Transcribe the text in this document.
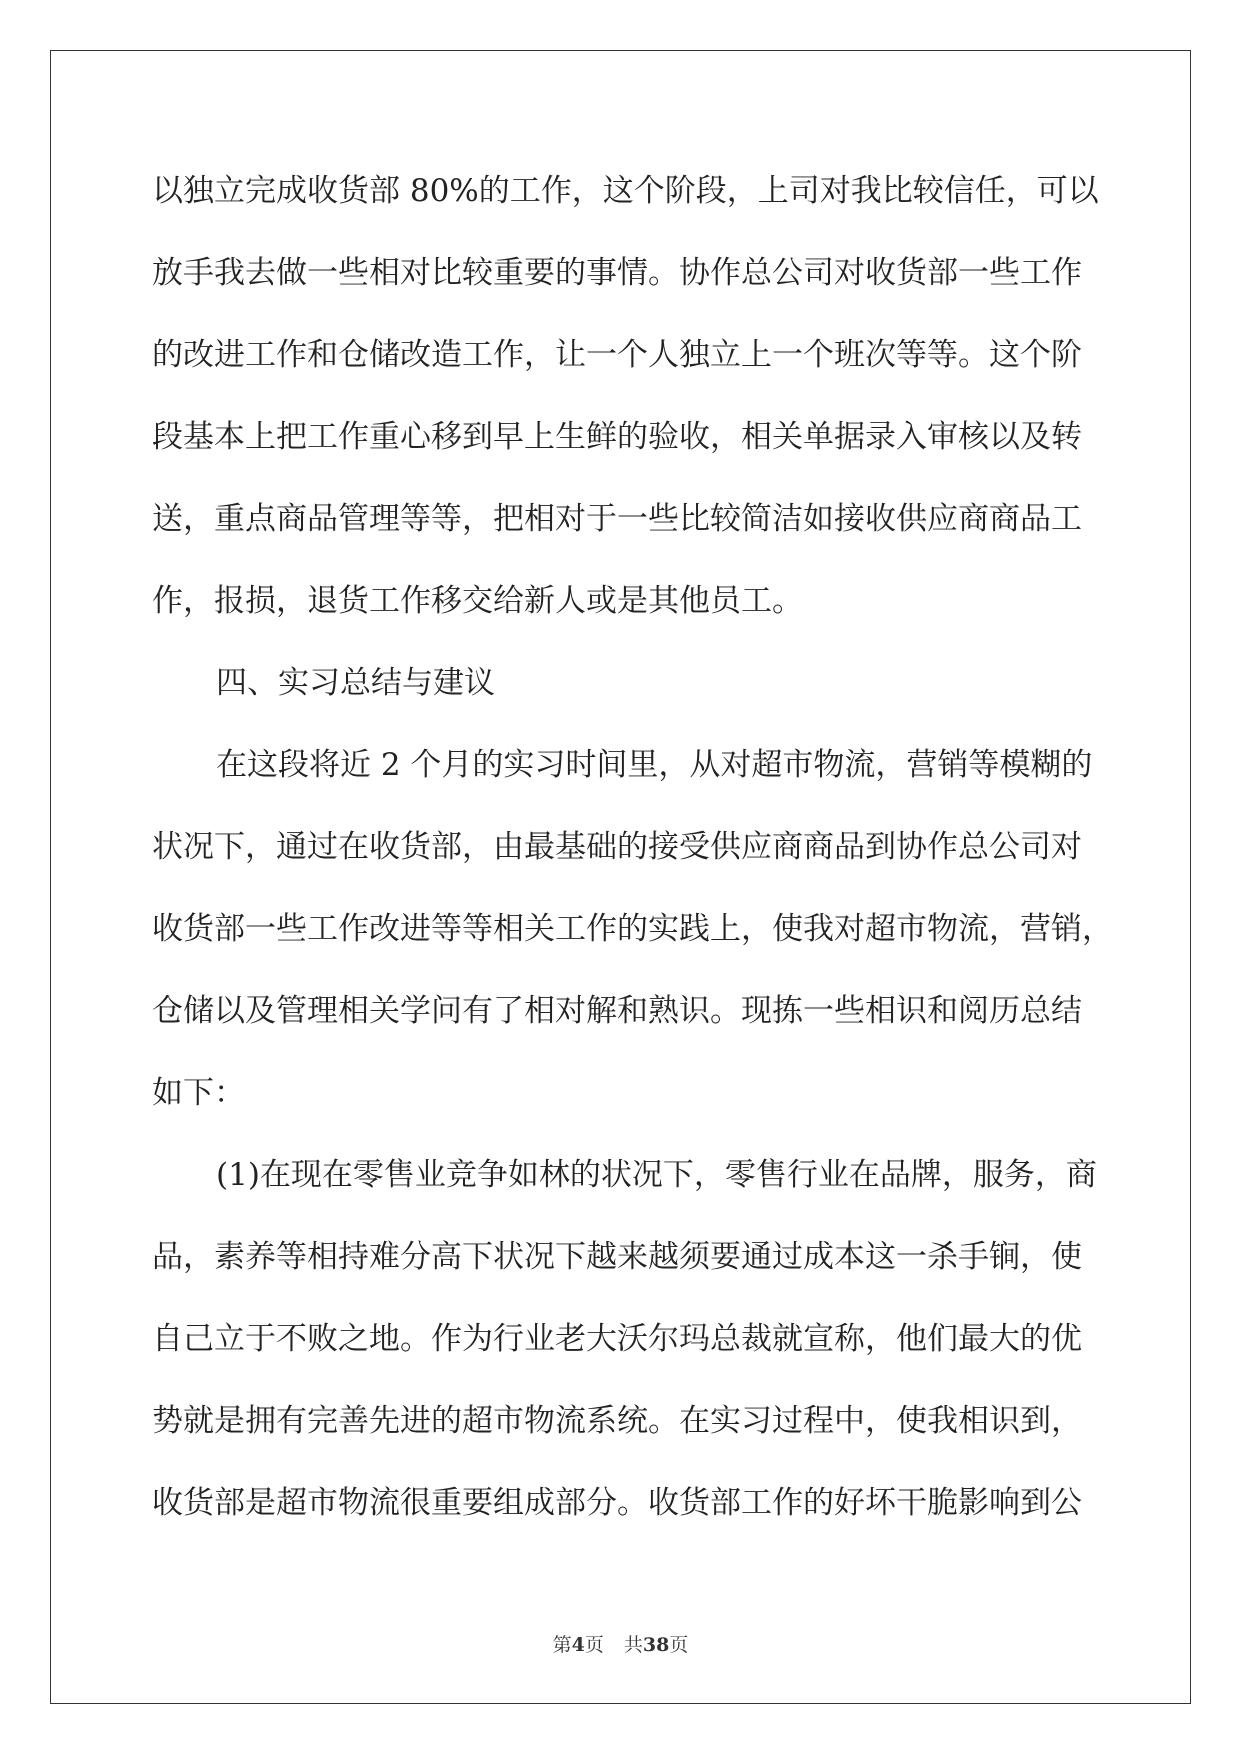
以独立完成收货部 80%的工作，这个阶段，上司对我比较信任，可以
放手我去做一些相对比较重要的事情。协作总公司对收货部一些工作
的改进工作和仓储改造工作，让一个人独立上一个班次等等。这个阶
段基本上把工作重心移到早上生鲜的验收，相关单据录入审核以及转
送，重点商品管理等等，把相对于一些比较简洁如接收供应商商品工
作，报损，退货工作移交给新人或是其他员工。
四、实习总结与建议
在这段将近 2 个月的实习时间里，从对超市物流，营销等模糊的
状况下，通过在收货部，由最基础的接受供应商商品到协作总公司对
收货部一些工作改进等等相关工作的实践上，使我对超市物流，营销，
仓储以及管理相关学问有了相对解和熟识。现拣一些相识和阅历总结
如下：
(1)在现在零售业竞争如林的状况下，零售行业在品牌，服务，商
品，素养等相持难分高下状况下越来越须要通过成本这一杀手锏，使
自己立于不败之地。作为行业老大沃尔玛总裁就宣称，他们最大的优
势就是拥有完善先进的超市物流系统。在实习过程中，使我相识到，
收货部是超市物流很重要组成部分。收货部工作的好坏干脆影响到公
第4页 共38页
